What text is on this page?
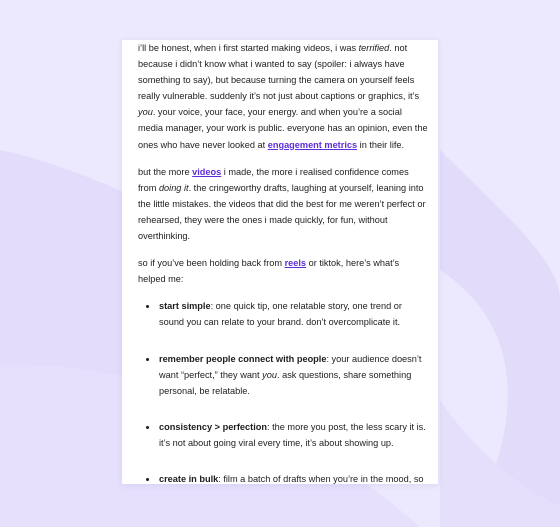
i’ll be honest, when i first started making videos, i was terrified. not because i didn’t know what i wanted to say (spoiler: i always have something to say), but because turning the camera on yourself feels really vulnerable. suddenly it’s not just about captions or graphics, it’s you. your voice, your face, your energy. and when you’re a social media manager, your work is public. everyone has an opinion, even the ones who have never looked at engagement metrics in their life.

but the more videos i made, the more i realised confidence comes from doing it. the cringeworthy drafts, laughing at yourself, leaning into the little mistakes. the videos that did the best for me weren’t perfect or rehearsed, they were the ones i made quickly, for fun, without overthinking.

so if you’ve been holding back from reels or tiktok, here’s what’s helped me:

• start simple: one quick tip, one relatable story, one trend or sound you can relate to your brand. don’t overcomplicate it.
• remember people connect with people: your audience doesn’t want “perfect,” they want you. ask questions, share something personal, be relatable.
• consistency > perfection: the more you post, the less scary it is. it’s not about going viral every time, it’s about showing up.
• create in bulk: film a batch of drafts when you’re in the mood, so
